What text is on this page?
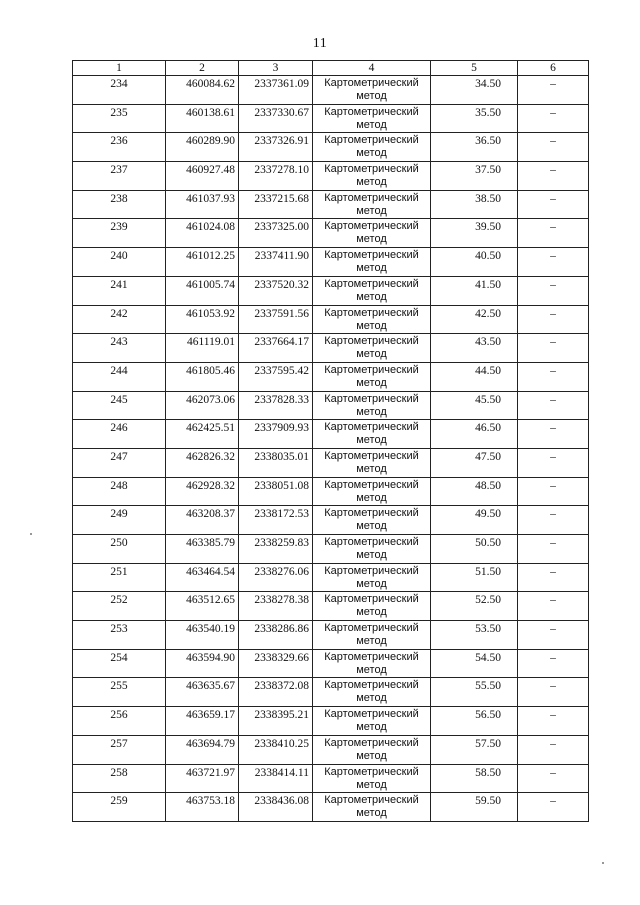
11
1	2	3	4	5	6
234	460084.62	2337361.09	Картометрический метод	34.50	–
235	460138.61	2337330.67	Картометрический метод	35.50	–
236	460289.90	2337326.91	Картометрический метод	36.50	–
237	460927.48	2337278.10	Картометрический метод	37.50	–
238	461037.93	2337215.68	Картометрический метод	38.50	–
239	461024.08	2337325.00	Картометрический метод	39.50	–
240	461012.25	2337411.90	Картометрический метод	40.50	–
241	461005.74	2337520.32	Картометрический метод	41.50	–
242	461053.92	2337591.56	Картометрический метод	42.50	–
243	461119.01	2337664.17	Картометрический метод	43.50	–
244	461805.46	2337595.42	Картометрический метод	44.50	–
245	462073.06	2337828.33	Картометрический метод	45.50	–
246	462425.51	2337909.93	Картометрический метод	46.50	–
247	462826.32	2338035.01	Картометрический метод	47.50	–
248	462928.32	2338051.08	Картометрический метод	48.50	–
249	463208.37	2338172.53	Картометрический метод	49.50	–
250	463385.79	2338259.83	Картометрический метод	50.50	–
251	463464.54	2338276.06	Картометрический метод	51.50	–
252	463512.65	2338278.38	Картометрический метод	52.50	–
253	463540.19	2338286.86	Картометрический метод	53.50	–
254	463594.90	2338329.66	Картометрический метод	54.50	–
255	463635.67	2338372.08	Картометрический метод	55.50	–
256	463659.17	2338395.21	Картометрический метод	56.50	–
257	463694.79	2338410.25	Картометрический метод	57.50	–
258	463721.97	2338414.11	Картометрический метод	58.50	–
259	463753.18	2338436.08	Картометрический метод	59.50	–
